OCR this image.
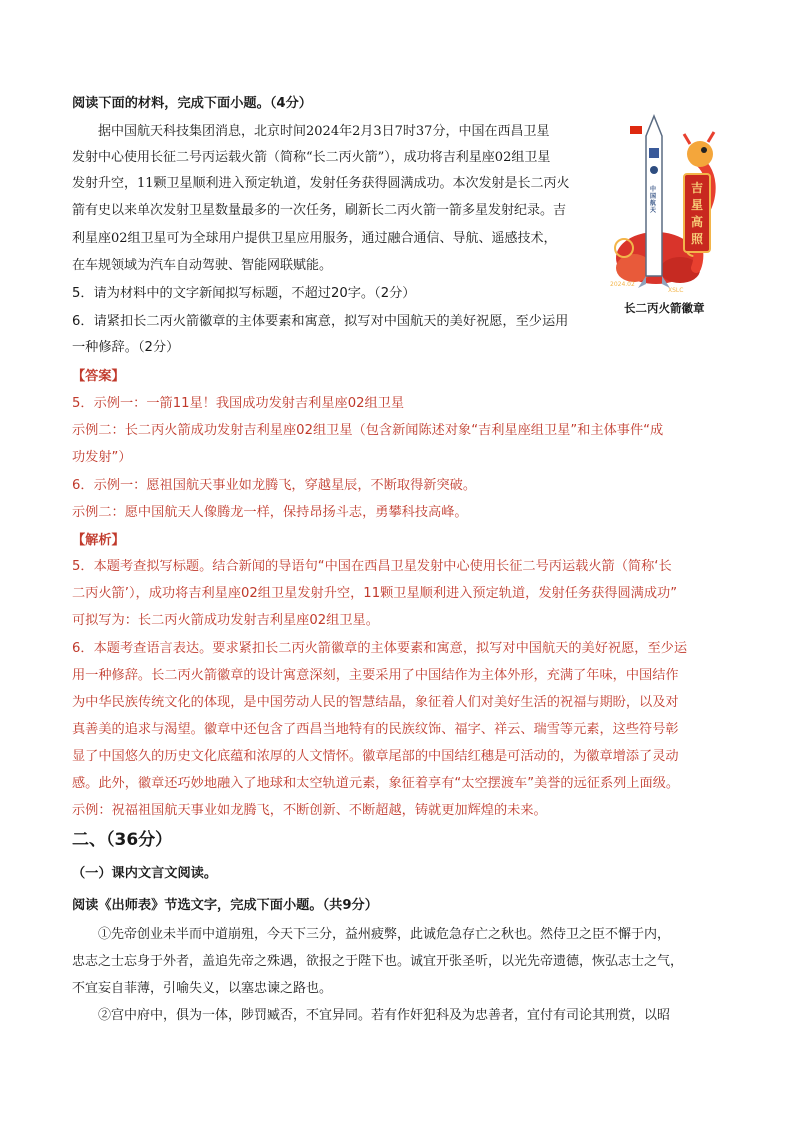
阅读下面的材料，完成下面小题。（4分）
　　据中国航天科技集团消息，北京时间2024年2月3日7时37分，中国在西昌卫星
发射中心使用长征二号丙运载火箭（简称“长二丙火箭”），成功将吉利星座02组卫星
发射升空，11颗卫星顺利进入预定轨道，发射任务获得圆满成功。本次发射是长二丙火
箭有史以来单次发射卫星数量最多的一次任务，刷新长二丙火箭一箭多星发射纪录。吉
利星座02组卫星可为全球用户提供卫星应用服务，通过融合通信、导航、遥感技术，
在车规领域为汽车自动驾驶、智能网联赋能。
5．请为材料中的文字新闻拟写标题，不超过20字。（2分）
6．请紧扣长二丙火箭徽章的主体要素和寓意，拟写对中国航天的美好祝愿，至少运用
一种修辞。（2分）
2024.02
XSLC
吉
星
高
照
中国航天
长二丙火箭徽章
【答案】
5．示例一：一箭11星！我国成功发射吉利星座02组卫星
示例二：长二丙火箭成功发射吉利星座02组卫星（包含新闻陈述对象“吉利星座组卫星”和主体事件“成
功发射”）
6．示例一：愿祖国航天事业如龙腾飞，穿越星辰，不断取得新突破。
示例二：愿中国航天人像腾龙一样，保持昂扬斗志，勇攀科技高峰。
【解析】
5．本题考查拟写标题。结合新闻的导语句“中国在西昌卫星发射中心使用长征二号丙运载火箭（简称‘长
二丙火箭’），成功将吉利星座02组卫星发射升空，11颗卫星顺利进入预定轨道，发射任务获得圆满成功”
可拟写为：长二丙火箭成功发射吉利星座02组卫星。
6．本题考查语言表达。要求紧扣长二丙火箭徽章的主体要素和寓意，拟写对中国航天的美好祝愿，至少运
用一种修辞。长二丙火箭徽章的设计寓意深刻，主要采用了中国结作为主体外形，充满了年味，中国结作
为中华民族传统文化的体现，是中国劳动人民的智慧结晶，象征着人们对美好生活的祝福与期盼，以及对
真善美的追求与渴望。徽章中还包含了西昌当地特有的民族纹饰、福字、祥云、瑞雪等元素，这些符号彰
显了中国悠久的历史文化底蕴和浓厚的人文情怀。徽章尾部的中国结红穗是可活动的，为徽章增添了灵动
感。此外，徽章还巧妙地融入了地球和太空轨道元素，象征着享有“太空摆渡车”美誉的远征系列上面级。
示例：祝福祖国航天事业如龙腾飞，不断创新、不断超越，铸就更加辉煌的未来。
二、（36分）
（一）课内文言文阅读。
阅读《出师表》节选文字，完成下面小题。（共9分）
　　①先帝创业未半而中道崩殂，今天下三分，益州疲弊，此诚危急存亡之秋也。然侍卫之臣不懈于内，
忠志之士忘身于外者，盖追先帝之殊遇，欲报之于陛下也。诚宜开张圣听，以光先帝遗德，恢弘志士之气，
不宜妄自菲薄，引喻失义，以塞忠谏之路也。
　　②宫中府中，俱为一体，陟罚臧否，不宜异同。若有作奸犯科及为忠善者，宜付有司论其刑赏，以昭
